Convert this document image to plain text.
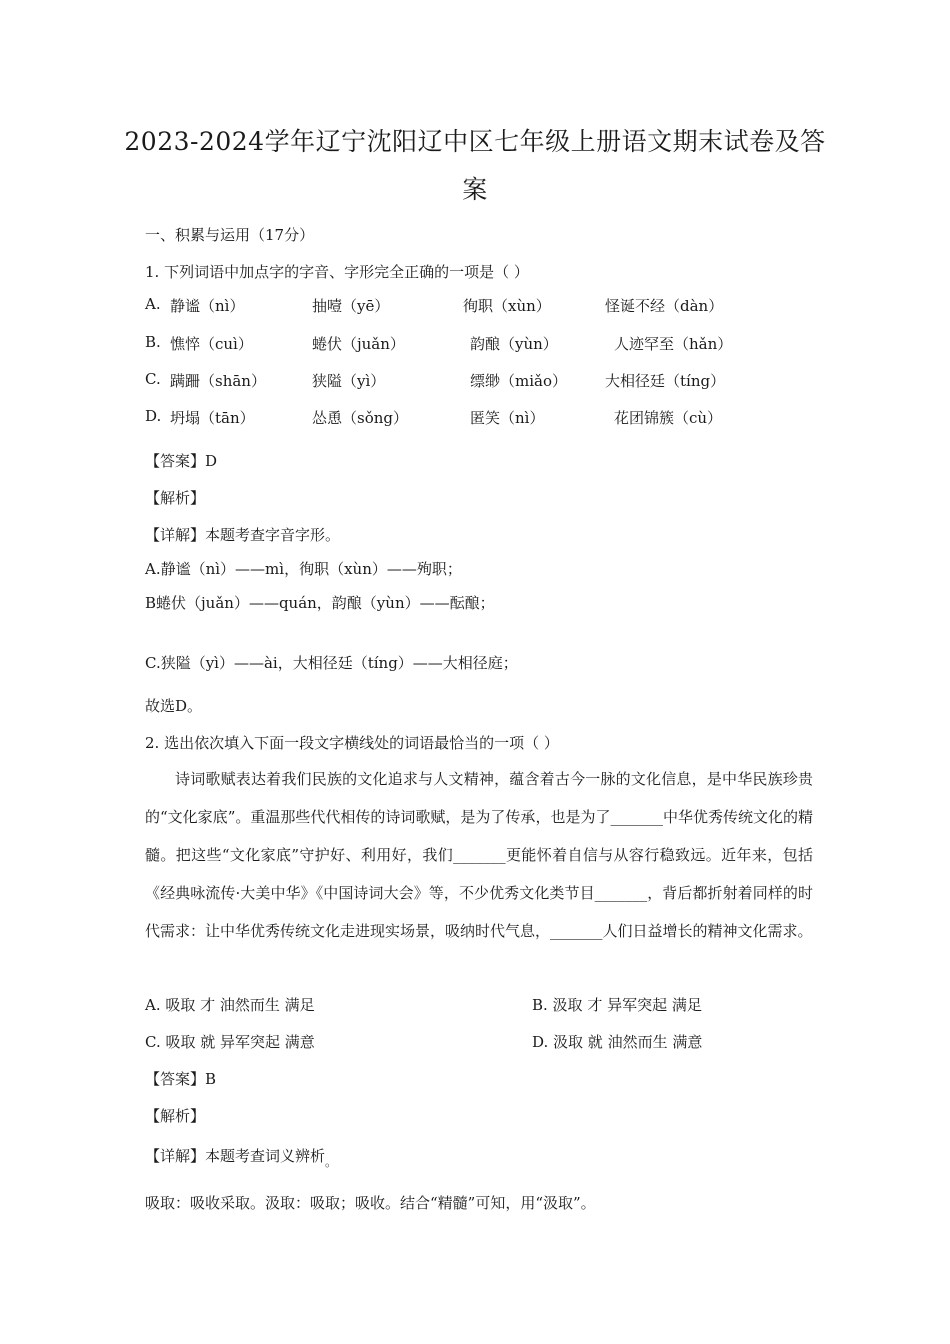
2023-2024学年辽宁沈阳辽中区七年级上册语文期末试卷及答案
一、积累与运用（17分）
1. 下列词语中加点字的字音、字形完全正确的一项是（ ）
A. 静谧（nì）	抽噎（yē）	徇职（xùn）	怪诞不经（dàn）
B. 憔悴（cuì）	蜷伏（juǎn）	韵酿（yùn）	人迹罕至（hǎn）
C. 蹒跚（shān）	狭隘（yì）	缥缈（miǎo）	大相径廷（tíng）
D. 坍塌（tān）	怂恿（sǒng）	匿笑（nì）	花团锦簇（cù）
【答案】D
【解析】
【详解】本题考查字音字形。
A.静谧（nì）——mì，徇职（xùn）——殉职；
B蜷伏（juǎn）——quán，韵酿（yùn）——酝酿；
C.狭隘（yì）——ài，大相径廷（tíng）——大相径庭；
故选D。
2. 选出依次填入下面一段文字横线处的词语最恰当的一项（ ）
诗词歌赋表达着我们民族的文化追求与人文精神，蕴含着古今一脉的文化信息，是中华民族珍贵的“文化家底”。重温那些代代相传的诗词歌赋，是为了传承，也是为了_______中华优秀传统文化的精髓。把这些“文化家底”守护好、利用好，我们_______更能怀着自信与从容行稳致远。近年来，包括《经典咏流传·大美中华》《中国诗词大会》等，不少优秀文化类节目_______，背后都折射着同样的时代需求：让中华优秀传统文化走进现实场景，吸纳时代气息，_______人们日益增长的精神文化需求。
A. 吸取 才 油然而生 满足	B. 汲取 才 异军突起 满足
C. 吸取 就 异军突起 满意	D. 汲取 就 油然而生 满意
【答案】B
【解析】
【详解】本题考查词义辨析$_。$
吸取：吸收采取。汲取：吸取；吸收。结合“精髓”可知，用“汲取”。
